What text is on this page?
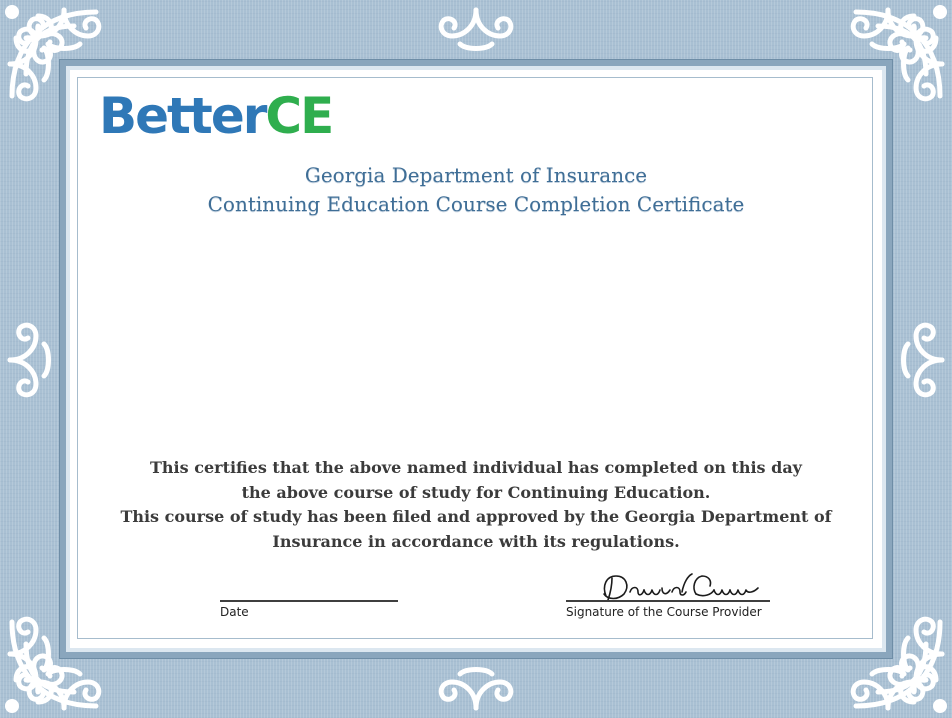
BetterCE
Georgia Department of Insurance
Continuing Education Course Completion Certificate
This certifies that the above named individual has completed on this day
the above course of study for Continuing Education.
This course of study has been filed and approved by the Georgia Department of
Insurance in accordance with its regulations.
Date	Signature of the Course Provider
